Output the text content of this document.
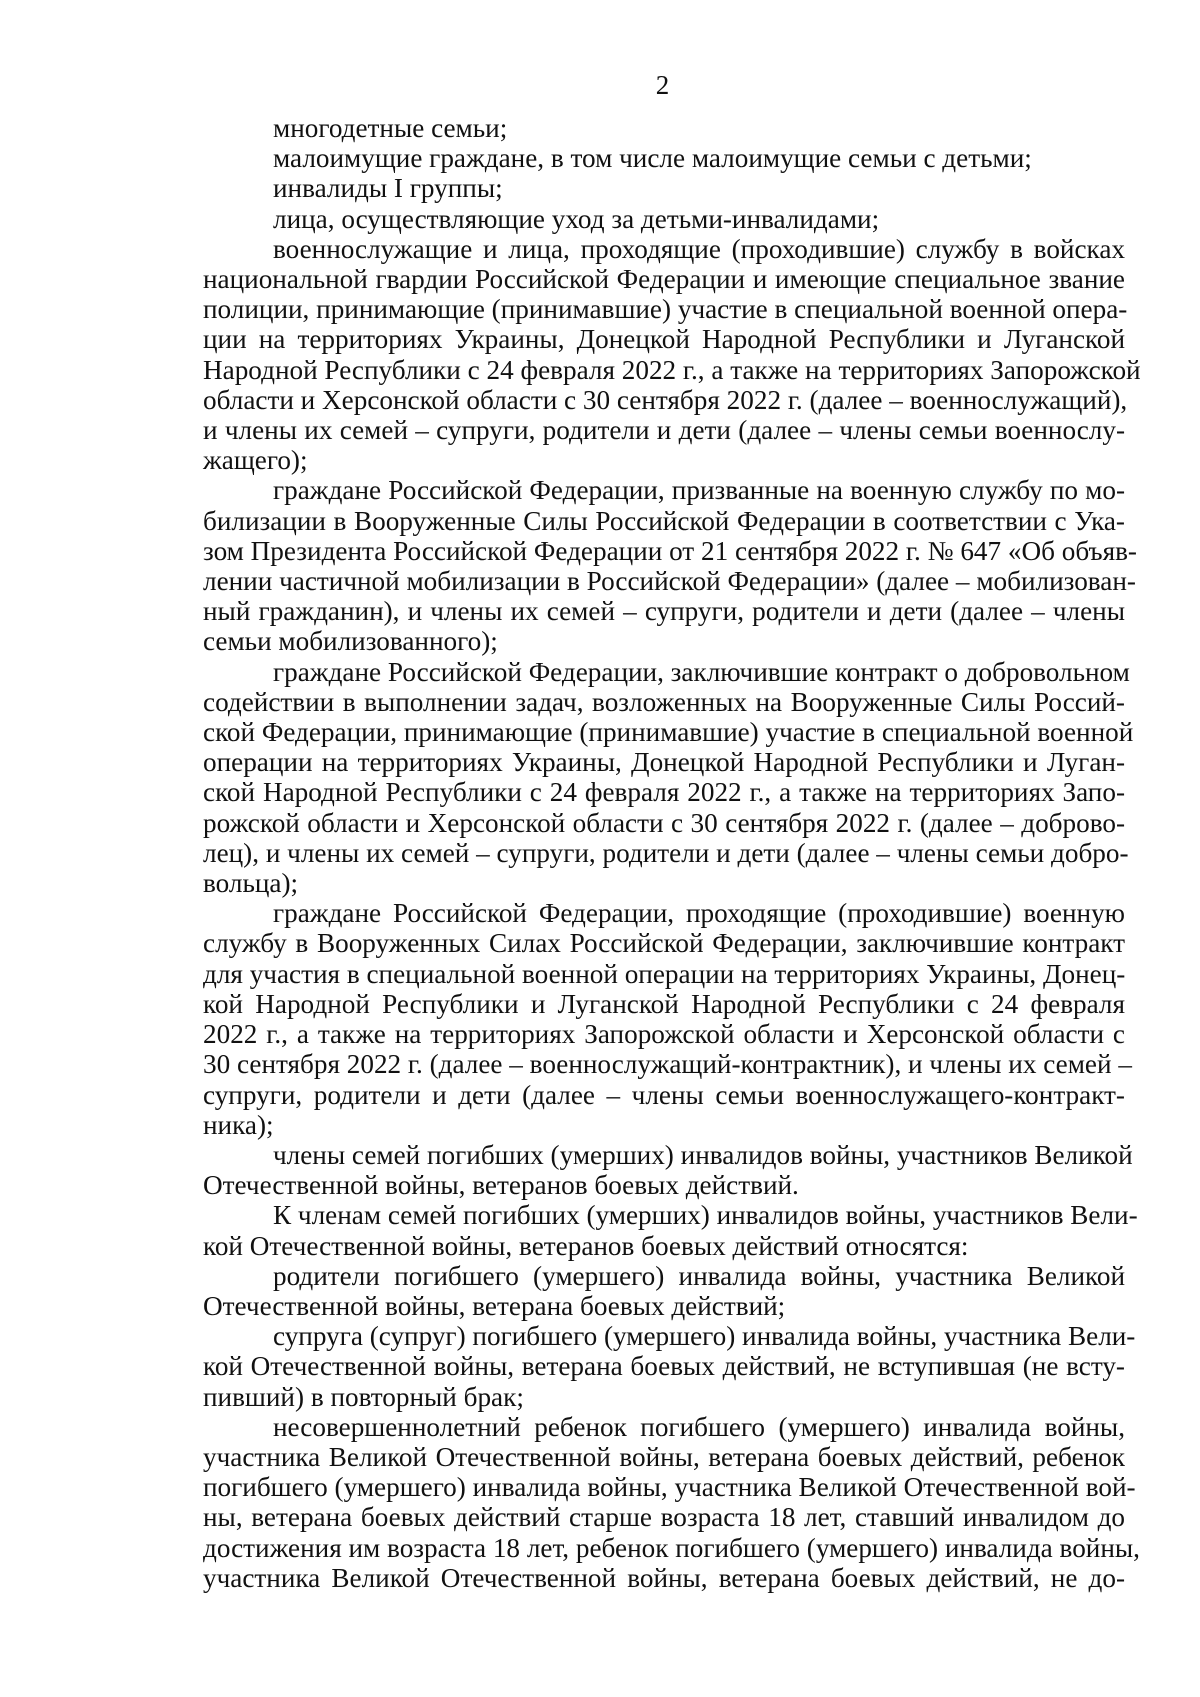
2

многодетные семьи;

малоимущие граждане, в том числе малоимущие семьи с детьми;

инвалиды I группы;

лица, осуществляющие уход за детьми-инвалидами;

военнослужащие и лица, проходящие (проходившие) службу в войсках
национальной гвардии Российской Федерации и имеющие специальное звание
полиции, принимающие (принимавшие) участие в специальной военной опера-
ции на территориях Украины, Донецкой Народной Республики и Луганской
Народной Республики с 24 февраля 2022 г., а также на территориях Запорожской
области и Херсонской области с 30 сентября 2022 г. (далее – военнослужащий),
и члены их семей – супруги, родители и дети (далее – члены семьи военнослу-
жащего);

граждане Российской Федерации, призванные на военную службу по мо-
билизации в Вооруженные Силы Российской Федерации в соответствии с Ука-
зом Президента Российской Федерации от 21 сентября 2022 г. № 647 «Об объяв-
лении частичной мобилизации в Российской Федерации» (далее – мобилизован-
ный гражданин), и члены их семей – супруги, родители и дети (далее – члены
семьи мобилизованного);

граждане Российской Федерации, заключившие контракт о добровольном
содействии в выполнении задач, возложенных на Вооруженные Силы Россий-
ской Федерации, принимающие (принимавшие) участие в специальной военной
операции на территориях Украины, Донецкой Народной Республики и Луган-
ской Народной Республики с 24 февраля 2022 г., а также на территориях Запо-
рожской области и Херсонской области с 30 сентября 2022 г. (далее – доброво-
лец), и члены их семей – супруги, родители и дети (далее – члены семьи добро-
вольца);

граждане Российской Федерации, проходящие (проходившие) военную
службу в Вооруженных Силах Российской Федерации, заключившие контракт
для участия в специальной военной операции на территориях Украины, Донец-
кой Народной Республики и Луганской Народной Республики с 24 февраля
2022 г., а также на территориях Запорожской области и Херсонской области с
30 сентября 2022 г. (далее – военнослужащий-контрактник), и члены их семей –
супруги, родители и дети (далее – члены семьи военнослужащего-контракт-
ника);

члены семей погибших (умерших) инвалидов войны, участников Великой
Отечественной войны, ветеранов боевых действий.

К членам семей погибших (умерших) инвалидов войны, участников Вели-
кой Отечественной войны, ветеранов боевых действий относятся:

родители погибшего (умершего) инвалида войны, участника Великой
Отечественной войны, ветерана боевых действий;

супруга (супруг) погибшего (умершего) инвалида войны, участника Вели-
кой Отечественной войны, ветерана боевых действий, не вступившая (не всту-
пивший) в повторный брак;

несовершеннолетний ребенок погибшего (умершего) инвалида войны,
участника Великой Отечественной войны, ветерана боевых действий, ребенок
погибшего (умершего) инвалида войны, участника Великой Отечественной вой-
ны, ветерана боевых действий старше возраста 18 лет, ставший инвалидом до
достижения им возраста 18 лет, ребенок погибшего (умершего) инвалида войны,
участника Великой Отечественной войны, ветерана боевых действий, не до-
